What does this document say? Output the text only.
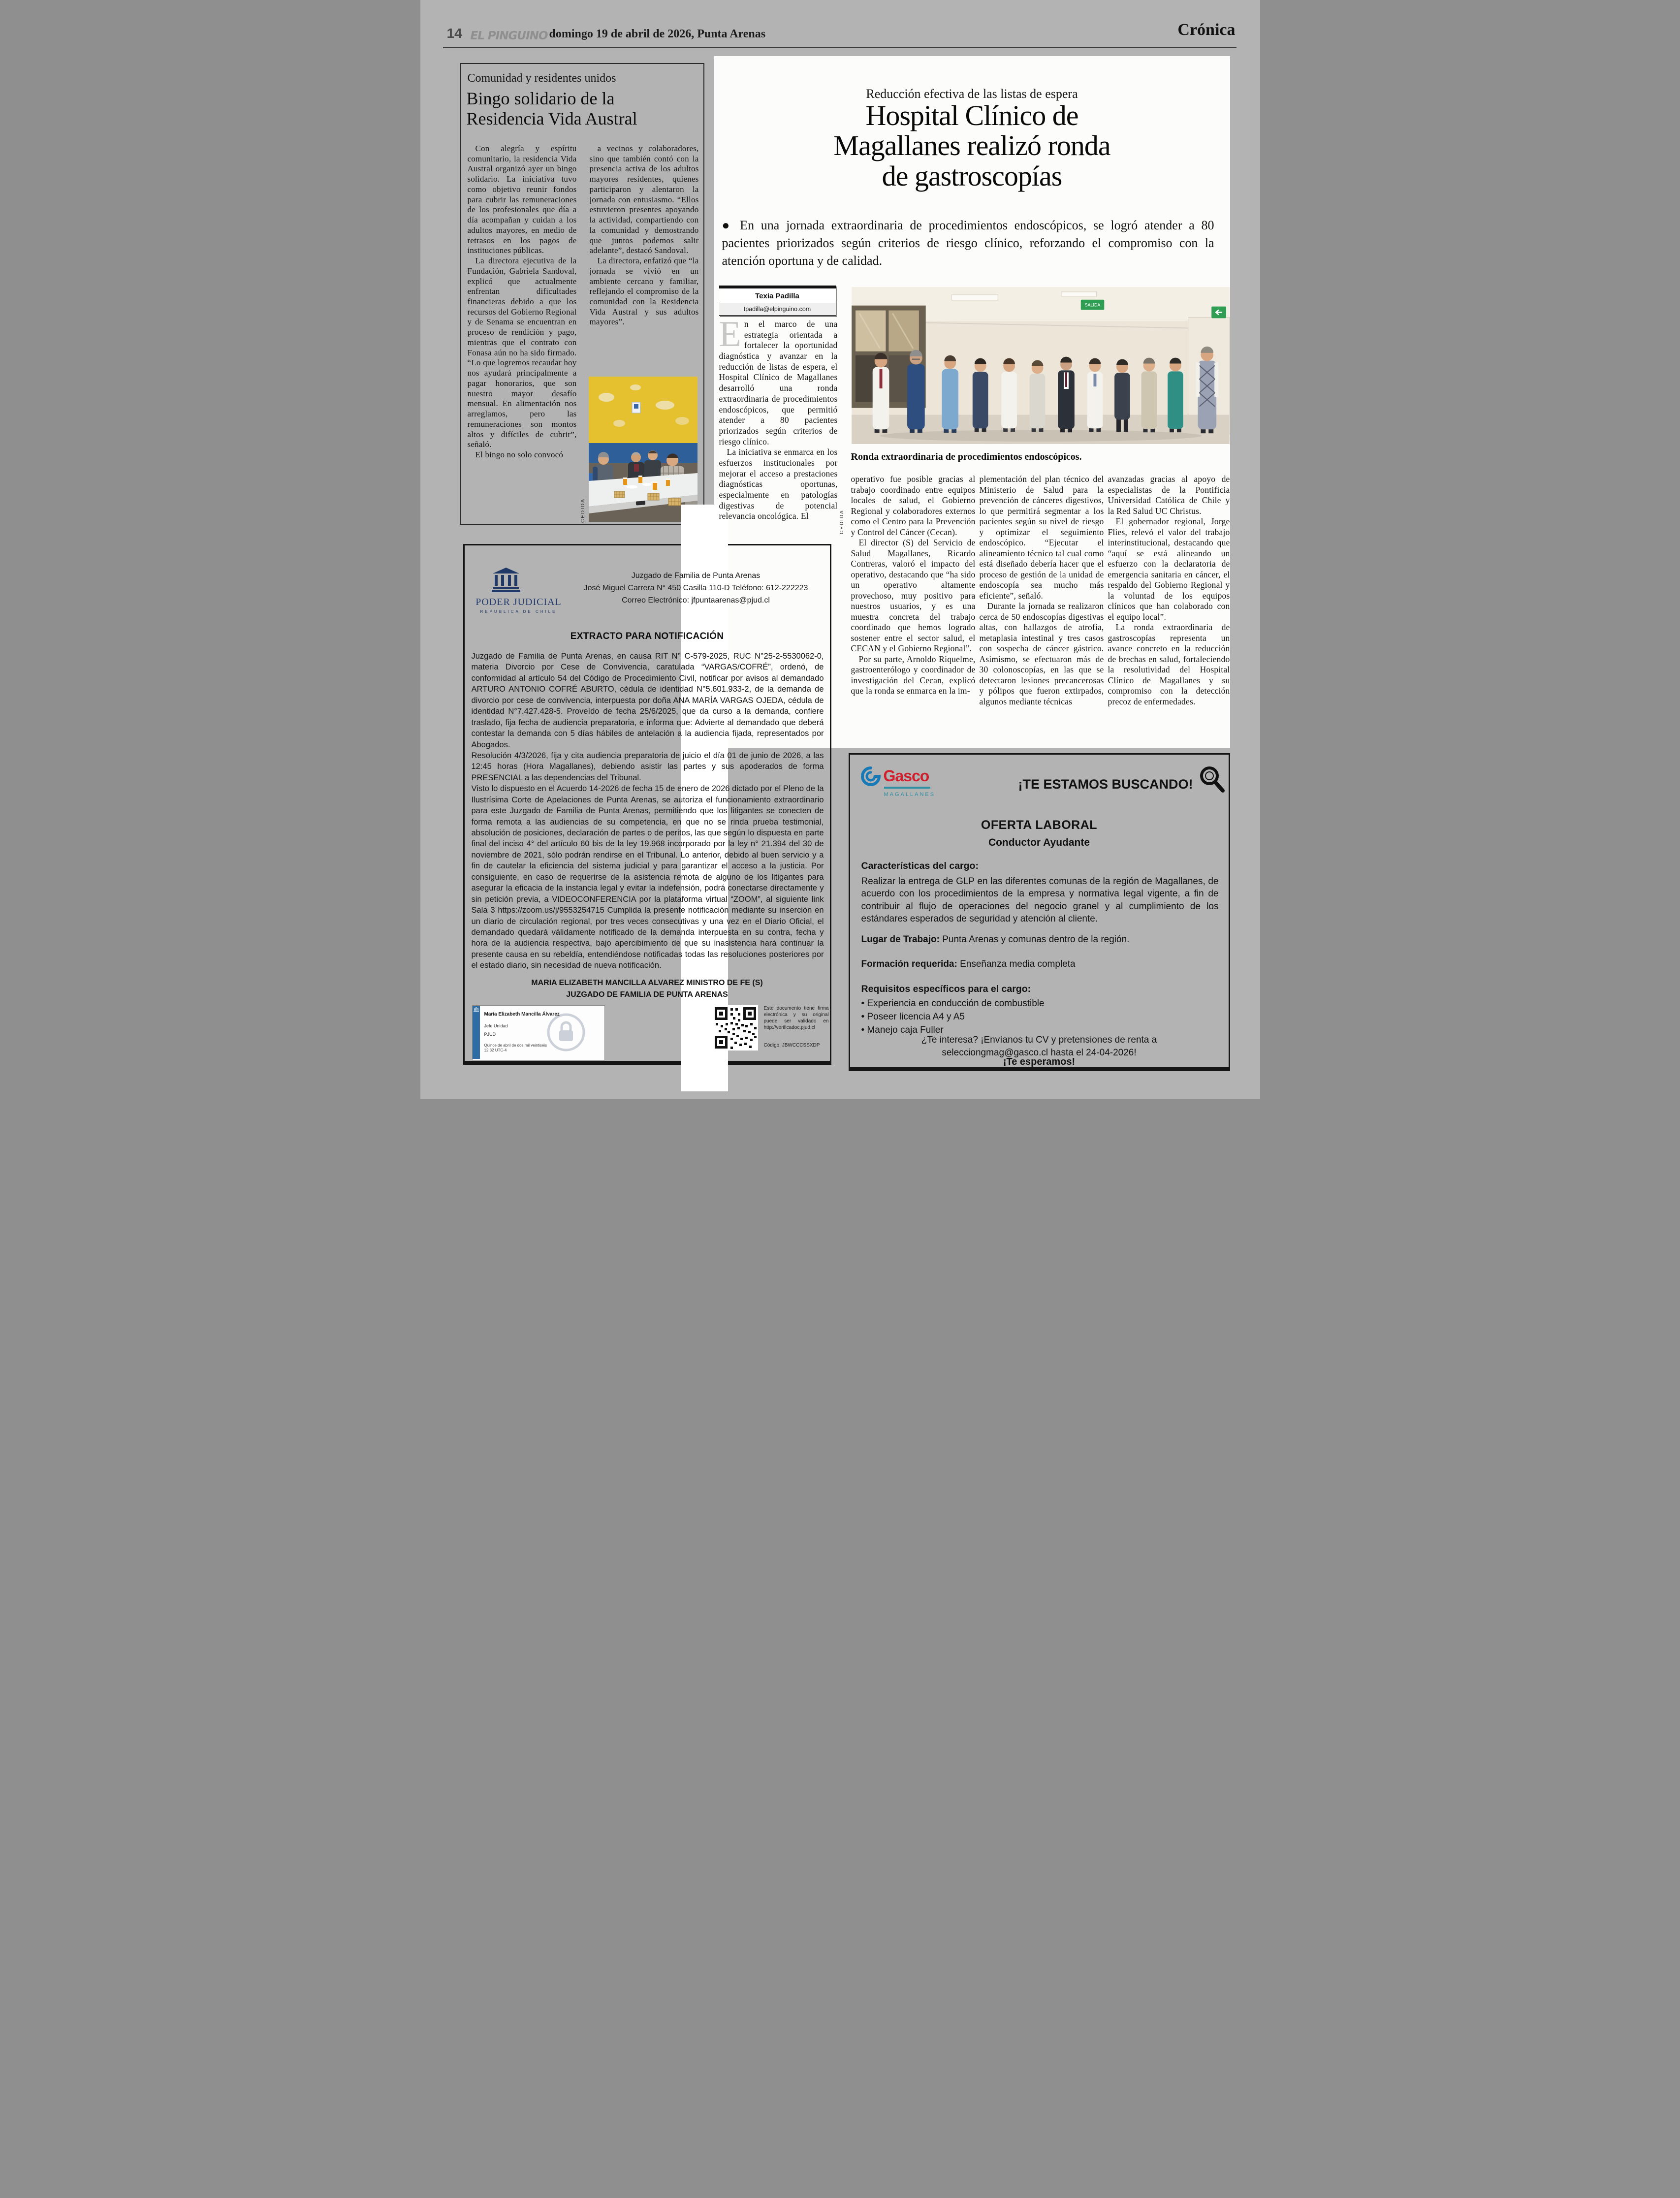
SALIDA
14 EL PINGUINO domingo 19 de abril de 2026, Punta Arenas	Crónica
Comunidad y residentes unidos
Bingo solidario de la
Residencia Vida Austral

Con alegría y espíritu comunitario, la residencia Vida Austral organizó ayer un bingo solidario. La iniciativa tuvo como objetivo reunir fondos para cubrir las remuneraciones de los profesionales que día a día acompañan y cuidan a los adultos mayores, en medio de retrasos en los pagos de instituciones públicas.

La directora ejecutiva de la Fundación, Gabriela Sandoval, explicó que actualmente enfrentan dificultades financieras debido a que los recursos del Gobierno Regional y de Senama se encuentran en proceso de rendición y pago, mientras que el contrato con Fonasa aún no ha sido firmado. “Lo que logremos recaudar hoy nos ayudará principalmente a pagar honorarios, que son nuestro mayor desafío mensual. En alimentación nos arreglamos, pero las remuneraciones son montos altos y difíciles de cubrir”, señaló.

El bingo no solo convocó

a vecinos y colaboradores, sino que también contó con la presencia activa de los adultos mayores residentes, quienes participaron y alentaron la jornada con entusiasmo. “Ellos estuvieron presentes apoyando la actividad, compartiendo con la comunidad y demostrando que juntos podemos salir adelante”, destacó Sandoval.

La directora, enfatizó que “la jornada se vivió en un ambiente cercano y familiar, reflejando el compromiso de la comunidad con la Residencia Vida Austral y sus adultos mayores”.

CEDIDA
Reducción efectiva de las listas de espera
Hospital Clínico de
Magallanes realizó ronda
de gastroscopías
● En una jornada extraordinaria de procedimientos endoscópicos, se logró atender a 80 pacientes priorizados según criterios de riesgo clínico, reforzando el compromiso con la atención oportuna y de calidad.
Texia Padilla
tpadilla@elpinguino.com

En el marco de una estrategia orientada a fortalecer la oportunidad diagnóstica y avanzar en la reducción de listas de espera, el Hospital Clínico de Magallanes desarrolló una ronda extraordinaria de procedimientos endoscópicos, que permitió atender a 80 pacientes priorizados según criterios de riesgo clínico.

La iniciativa se enmarca en los esfuerzos institucionales por mejorar el acceso a prestaciones diagnósticas oportunas, especialmente en patologías digestivas de potencial relevancia oncológica. El	CEDIDA
Ronda extraordinaria de procedimientos endoscópicos.

operativo fue posible gracias al trabajo coordinado entre equipos locales de salud, el Gobierno Regional y colaboradores externos como el Centro para la Prevención y Control del Cáncer (Cecan).

El director (S) del Servicio de Salud Magallanes, Ricardo Contreras, valoró el impacto del operativo, destacando que “ha sido un operativo altamente provechoso, muy positivo para nuestros usuarios, y es una muestra concreta del trabajo coordinado que hemos logrado sostener entre el sector salud, el CECAN y el Gobierno Regional”.

Por su parte, Arnoldo Riquelme, gastroenterólogo y coordinador de investigación del Cecan, explicó que la ronda se enmarca en la im-

plementación del plan técnico del Ministerio de Salud para la prevención de cánceres digestivos, lo que permitirá segmentar a los pacientes según su nivel de riesgo y optimizar el seguimiento endoscópico. “Ejecutar el alineamiento técnico tal cual como está diseñado debería hacer que el proceso de gestión de la unidad de endoscopía sea mucho más eficiente”, señaló.

Durante la jornada se realizaron cerca de 50 endoscopías digestivas altas, con hallazgos de atrofia, metaplasia intestinal y tres casos con sospecha de cáncer gástrico. Asimismo, se efectuaron más de 30 colonoscopías, en las que se detectaron lesiones precancerosas y pólipos que fueron extirpados, algunos mediante técnicas

avanzadas gracias al apoyo de especialistas de la Pontificia Universidad Católica de Chile y la Red Salud UC Christus.

El gobernador regional, Jorge Flies, relevó el valor del trabajo interinstitucional, destacando que “aquí se está alineando un esfuerzo con la declaratoria de emergencia sanitaria en cáncer, el respaldo del Gobierno Regional y la voluntad de los equipos clínicos que han colaborado con el equipo local”.

La ronda extraordinaria de gastroscopías representa un avance concreto en la reducción de brechas en salud, fortaleciendo la resolutividad del Hospital Clínico de Magallanes y su compromiso con la detección precoz de enfermedades.

PODER JUDICIAL
REPUBLICA DE CHILE
Juzgado de Familia de Punta Arenas
José Miguel Carrera N° 450 Casilla 110-D Teléfono: 612-222223
Correo Electrónico: jfpuntaarenas@pjud.cl
EXTRACTO PARA NOTIFICACIÓN

Juzgado de Familia de Punta Arenas, en causa RIT N° C-579-2025, RUC N°25-2-5530062-0, materia Divorcio por Cese de Convivencia, caratulada “VARGAS/COFRÉ”, ordenó, de conformidad al artículo 54 del Código de Procedimiento Civil, notificar por avisos al demandado ARTURO ANTONIO COFRÉ ABURTO, cédula de identidad N°5.601.933-2, de la demanda de divorcio por cese de convivencia, interpuesta por doña ANA MARÍA VARGAS OJEDA, cédula de identidad N°7.427.428-5. Proveído de fecha 25/6/2025, que da curso a la demanda, confiere traslado, fija fecha de audiencia preparatoria, e informa que: Advierte al demandado que deberá contestar la demanda con 5 días hábiles de antelación a la audiencia fijada, representados por Abogados.

Resolución 4/3/2026, fija y cita audiencia preparatoria de juicio el día 01 de junio de 2026, a las 12:45 horas (Hora Magallanes), debiendo asistir las partes y sus apoderados de forma PRESENCIAL a las dependencias del Tribunal.

Visto lo dispuesto en el Acuerdo 14-2026 de fecha 15 de enero de 2026 dictado por el Pleno de la Ilustrísima Corte de Apelaciones de Punta Arenas, se autoriza el funcionamiento extraordinario para este Juzgado de Familia de Punta Arenas, permitiendo que los litigantes se conecten de forma remota a las audiencias de su competencia, en que no se rinda prueba testimonial, absolución de posiciones, declaración de partes o de peritos, las que según lo dispuesta en parte final del inciso 4° del artículo 60 bis de la ley 19.968 incorporado por la ley n° 21.394 del 30 de noviembre de 2021, sólo podrán rendirse en el Tribunal. Lo anterior, debido al buen servicio y a fin de cautelar la eficiencia del sistema judicial y para garantizar el acceso a la justicia. Por consiguiente, en caso de requerirse de la asistencia remota de alguno de los litigantes para asegurar la eficacia de la instancia legal y evitar la indefensión, podrá conectarse directamente y sin petición previa, a VIDEOCONFERENCIA por la plataforma virtual “ZOOM”, al siguiente link Sala 3 https://zoom.us/j/9553254715 Cumplida la presente notificación mediante su inserción en un diario de circulación regional, por tres veces consecutivas y una vez en el Diario Oficial, el demandado quedará válidamente notificado de la demanda interpuesta en su contra, fecha y hora de la audiencia respectiva, bajo apercibimiento de que su inasistencia hará continuar la presente causa en su rebeldía, entendiéndose notificadas todas las resoluciones posteriores por el estado diario, sin necesidad de nueva notificación.

MARIA ELIZABETH MANCILLA ALVAREZ MINISTRO DE FE (S)
JUZGADO DE FAMILIA DE PUNTA ARENAS
María Elizabeth Mancilla Álvarez
Jefe Unidad
PJUD
Quince de abril de dos mil veintiséis
12:32 UTC-4
Este documento tiene firma electrónica y su original puede ser validado en http://verificadoc.pjud.cl
Código: JBWCCCSSXDP
Gasco
MAGALLANES
¡TE ESTAMOS BUSCANDO!
OFERTA LABORAL
Conductor Ayudante
Características del cargo:
Realizar la entrega de GLP en las diferentes comunas de la región de Magallanes, de acuerdo con los procedimientos de la empresa y normativa legal vigente, a fin de contribuir al flujo de operaciones del negocio granel y al cumplimiento de los estándares esperados de seguridad y atención al cliente.
Lugar de Trabajo: Punta Arenas y comunas dentro de la región.
Formación requerida: Enseñanza media completa
Requisitos específicos para el cargo:

• Experiencia en conducción de combustible

• Poseer licencia A4 y A5

• Manejo caja Fuller

¿Te interesa? ¡Envíanos tu CV y pretensiones de renta a
selecciongmag@gasco.cl hasta el 24-04-2026!
¡Te esperamos!
